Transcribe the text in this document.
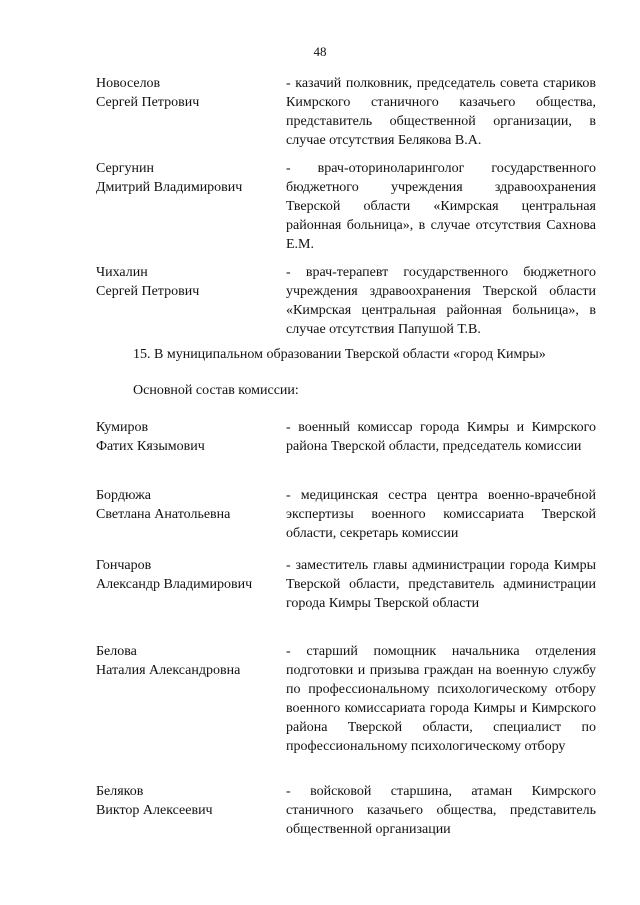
48
Новоселов
Сергей Петрович
- казачий полковник, председатель совета стариков Кимрского станичного казачьего общества, представитель общественной организации, в случае отсутствия Белякова В.А.
Сергунин
Дмитрий Владимирович
- врач-оториноларинголог государственного бюджетного учреждения здравоохранения Тверской области «Кимрская центральная районная больница», в случае отсутствия Сахнова Е.М.
Чихалин
Сергей Петрович
- врач-терапевт государственного бюджетного учреждения здравоохранения Тверской области «Кимрская центральная районная больница», в случае отсутствия Папушой Т.В.
15. В муниципальном образовании Тверской области «город Кимры»
Основной состав комиссии:
Кумиров
Фатих Кязымович
- военный комиссар города Кимры и Кимрского района Тверской области, председатель комиссии
Бордюжа
Светлана Анатольевна
- медицинская сестра центра военно-врачебной экспертизы военного комиссариата Тверской области, секретарь комиссии
Гончаров
Александр Владимирович
- заместитель главы администрации города Кимры Тверской области, представитель администрации города Кимры Тверской области
Белова
Наталия Александровна
- старший помощник начальника отделения подготовки и призыва граждан на военную службу по профессиональному психологическому отбору военного комиссариата города Кимры и Кимрского района Тверской области, специалист по профессиональному психологическому отбору
Беляков
Виктор Алексеевич
- войсковой старшина, атаман Кимрского станичного казачьего общества, представитель общественной организации
